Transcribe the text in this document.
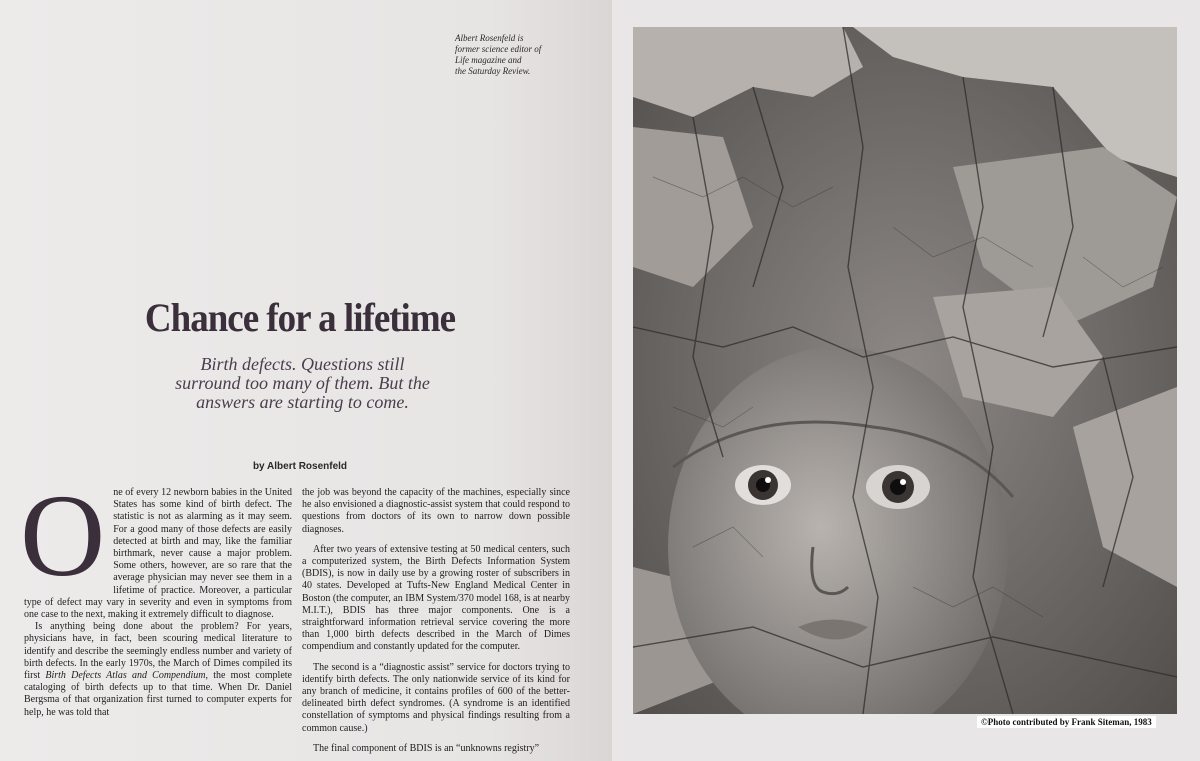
Albert Rosenfeld is
former science editor of
Life magazine and
the Saturday Review.
Chance for a lifetime
Birth defects. Questions still
surround too many of them. But the
answers are starting to come.
by Albert Rosenfeld

One of every 12 newborn babies in the United States has some kind of birth defect. The statistic is not as alarming as it may seem. For a good many of those defects are easily detected at birth and may, like the familiar birthmark, never cause a major problem. Some others, however, are so rare that the average physician may never see them in a lifetime of practice. Moreover, a particular type of defect may vary in severity and even in symptoms from one case to the next, making it extremely difficult to diagnose.

Is anything being done about the problem? For years, physicians have, in fact, been scouring medical literature to identify and describe the seemingly endless number and variety of birth defects. In the early 1970s, the March of Dimes compiled its first Birth Defects Atlas and Compendium, the most complete cataloging of birth defects up to that time. When Dr. Daniel Bergsma of that organization first turned to computer experts for help, he was told that

the job was beyond the capacity of the machines, especially since he also envisioned a diagnostic-assist system that could respond to questions from doctors of its own to narrow down possible diagnoses.

After two years of extensive testing at 50 medical centers, such a computerized system, the Birth Defects Information System (BDIS), is now in daily use by a growing roster of subscribers in 40 states. Developed at Tufts-New England Medical Center in Boston (the computer, an IBM System/370 model 168, is at nearby M.I.T.), BDIS has three major components. One is a straightforward information retrieval service covering the more than 1,000 birth defects described in the March of Dimes compendium and constantly updated for the computer.

The second is a “diagnostic assist” service for doctors trying to identify birth defects. The only nationwide service of its kind for any branch of medicine, it contains profiles of 600 of the better-delineated birth defect syndromes. (A syndrome is an identified constellation of symptoms and physical findings resulting from a common cause.)

The final component of BDIS is an “unknowns registry”

©Photo contributed by Frank Siteman, 1983
